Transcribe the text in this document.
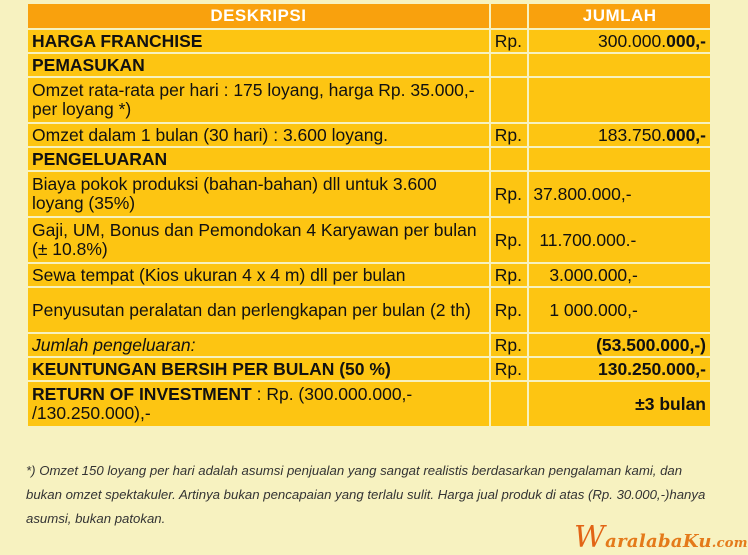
DESKRIPSI		JUMLAH
HARGA FRANCHISE	Rp.	300.000.000,-
PEMASUKAN		
Omzet rata-rata per hari : 175 loyang, harga Rp. 35.000,- per loyang *)		
Omzet dalam 1 bulan (30 hari) : 3.600 loyang.	Rp.	183.750.000,-
PENGELUARAN		
Biaya pokok produksi (bahan-bahan) dll untuk 3.600 loyang (35%)	Rp.	37.800.000,-
Gaji, UM, Bonus dan Pemondokan 4 Karyawan per bulan (± 10.8%)	Rp.	11.700.000.-
Sewa tempat (Kios ukuran 4 x 4 m) dll per bulan	Rp.	3.000.000,-
Penyusutan peralatan dan perlengkapan per bulan (2 th)	Rp.	1 000.000,-
Jumlah pengeluaran:	Rp.	(53.500.000,-)
KEUNTUNGAN BERSIH PER BULAN (50 %)	Rp.	130.250.000,-
RETURN OF INVESTMENT : Rp. (300.000.000,- /130.250.000),-		±3 bulan

*) Omzet 150 loyang per hari adalah asumsi penjualan yang sangat realistis berdasarkan pengalaman kami, dan bukan omzet spektakuler. Artinya bukan pencapaian yang terlalu sulit. Harga jual produk di atas (Rp. 30.000,-)hanya asumsi, bukan patokan.

WaralabaKu.com
